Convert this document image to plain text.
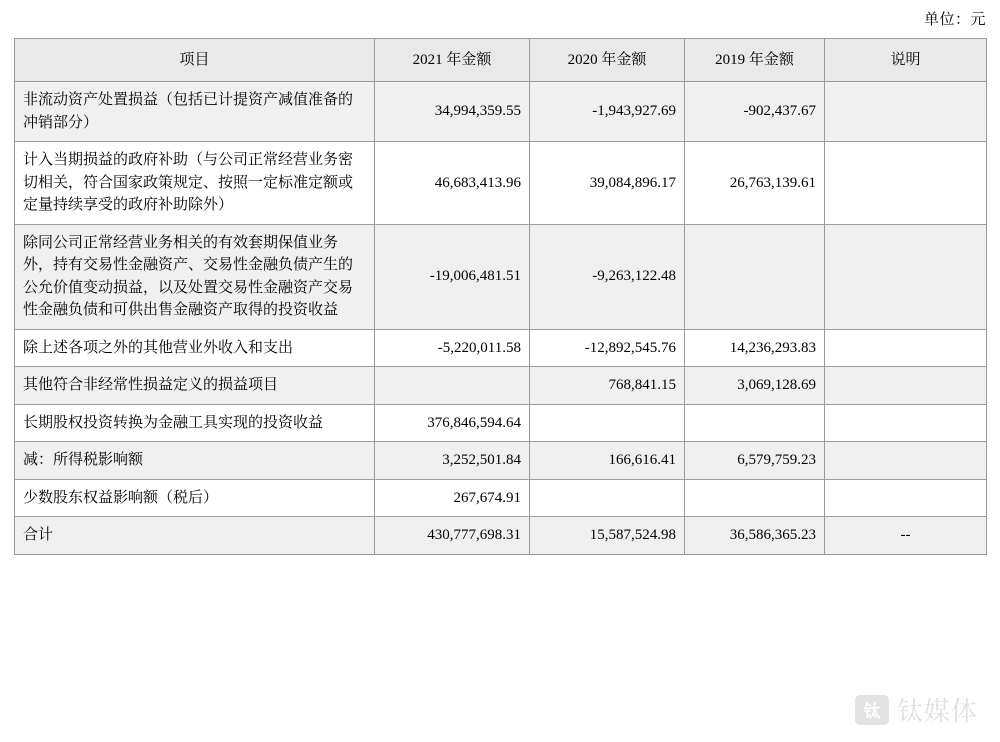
单位：元
项目	2021 年金额	2020 年金额	2019 年金额	说明
非流动资产处置损益（包括已计提资产减值准备的冲销部分）	34,994,359.55	-1,943,927.69	-902,437.67	
计入当期损益的政府补助（与公司正常经营业务密切相关，符合国家政策规定、按照一定标准定额或定量持续享受的政府补助除外）	46,683,413.96	39,084,896.17	26,763,139.61	
除同公司正常经营业务相关的有效套期保值业务外，持有交易性金融资产、交易性金融负债产生的公允价值变动损益，以及处置交易性金融资产交易性金融负债和可供出售金融资产取得的投资收益	-19,006,481.51	-9,263,122.48		
除上述各项之外的其他营业外收入和支出	-5,220,011.58	-12,892,545.76	14,236,293.83	
其他符合非经常性损益定义的损益项目		768,841.15	3,069,128.69	
长期股权投资转换为金融工具实现的投资收益	376,846,594.64			
减：所得税影响额	3,252,501.84	166,616.41	6,579,759.23	
少数股东权益影响额（税后）	267,674.91			
合计	430,777,698.31	15,587,524.98	36,586,365.23	--
钛 钛媒体
